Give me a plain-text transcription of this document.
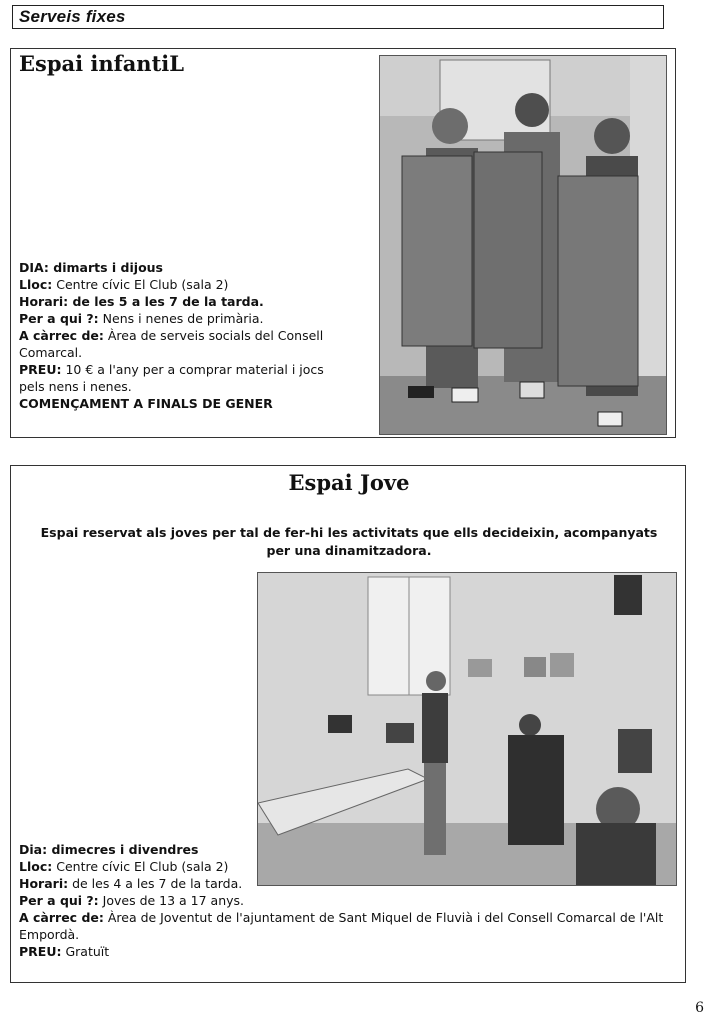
Serveis fixes
Espai infantiL

DIA: dimarts i dijous

Lloc: Centre cívic El Club (sala 2)

Horari: de les 5 a les 7 de la tarda.

Per a qui ?: Nens i nenes de primària.

A càrrec de: Àrea de serveis socials del Consell Comarcal.

PREU: 10 € a l'any per a comprar material i jocs pels nens i nenes.

COMENÇAMENT A FINALS DE GENER

Espai Jove
Espai reservat als joves per tal de fer-hi les activitats que ells decideixin, acompanyats per una dinamitzadora.

Dia: dimecres i divendres

Lloc: Centre cívic El Club (sala 2)

Horari: de les 4 a les 7 de la tarda.

Per a qui ?: Joves de 13 a 17 anys.

A càrrec de: Àrea de Joventut de l'ajuntament de Sant Miquel de Fluvià i del Consell Comarcal de l'Alt Empordà.

PREU: Gratuït

6
